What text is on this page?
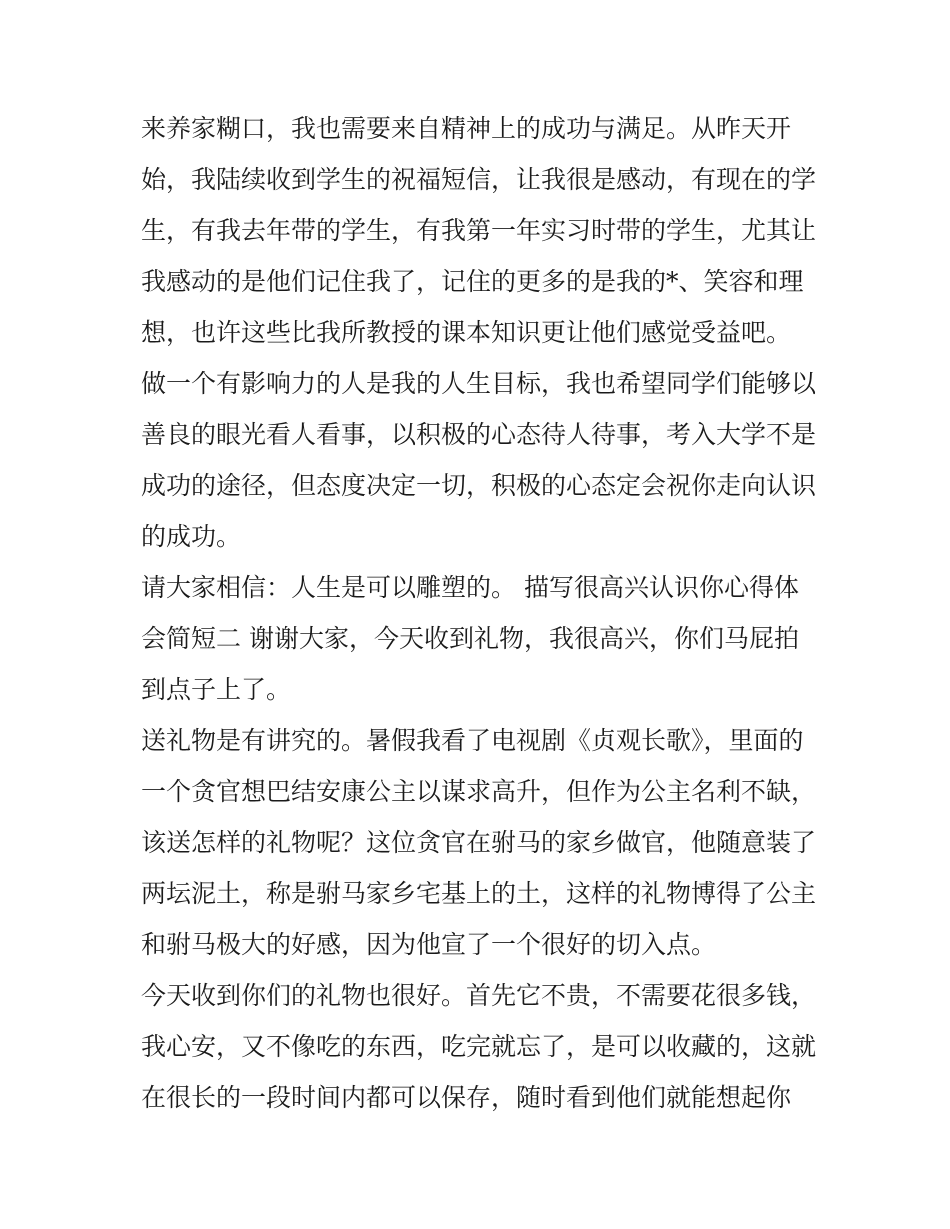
来养家糊口，我也需要来自精神上的成功与满足。从昨天开
始，我陆续收到学生的祝福短信，让我很是感动，有现在的学
生，有我去年带的学生，有我第一年实习时带的学生，尤其让
我感动的是他们记住我了，记住的更多的是我的*、笑容和理
想，也许这些比我所教授的课本知识更让他们感觉受益吧。
做一个有影响力的人是我的人生目标，我也希望同学们能够以
善良的眼光看人看事，以积极的心态待人待事，考入大学不是
成功的途径，但态度决定一切，积极的心态定会祝你走向认识
的成功。
请大家相信：人生是可以雕塑的。 描写很高兴认识你心得体
会简短二 谢谢大家，今天收到礼物，我很高兴，你们马屁拍
到点子上了。
送礼物是有讲究的。暑假我看了电视剧《贞观长歌》，里面的
一个贪官想巴结安康公主以谋求高升，但作为公主名利不缺，
该送怎样的礼物呢？这位贪官在驸马的家乡做官，他随意装了
两坛泥土，称是驸马家乡宅基上的土，这样的礼物博得了公主
和驸马极大的好感，因为他宣了一个很好的切入点。
今天收到你们的礼物也很好。首先它不贵，不需要花很多钱，
我心安，又不像吃的东西，吃完就忘了，是可以收藏的，这就
在很长的一段时间内都可以保存，随时看到他们就能想起你
